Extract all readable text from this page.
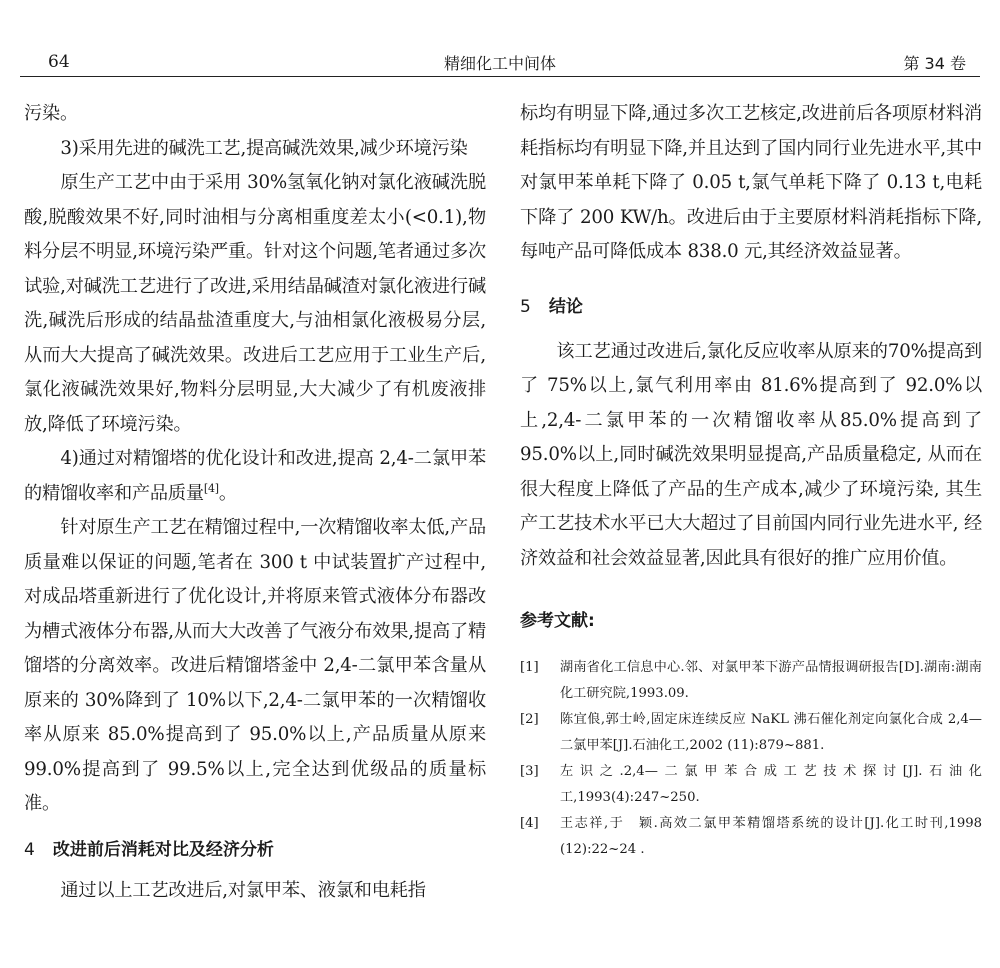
64	精细化工中间体	第 34 卷

污染。

3)采用先进的碱洗工艺,提高碱洗效果,减少环境污染

原生产工艺中由于采用 30%氢氧化钠对氯化液碱洗脱酸,脱酸效果不好,同时油相与分离相重度差太小(<0.1),物料分层不明显,环境污染严重。针对这个问题,笔者通过多次试验,对碱洗工艺进行了改进,采用结晶碱渣对氯化液进行碱洗,碱洗后形成的结晶盐渣重度大,与油相氯化液极易分层,从而大大提高了碱洗效果。改进后工艺应用于工业生产后,氯化液碱洗效果好,物料分层明显,大大减少了有机废液排放,降低了环境污染。

4)通过对精馏塔的优化设计和改进,提高 2,4-二氯甲苯的精馏收率和产品质量[4]。

针对原生产工艺在精馏过程中,一次精馏收率太低,产品质量难以保证的问题,笔者在 300 t 中试装置扩产过程中,对成品塔重新进行了优化设计,并将原来管式液体分布器改为槽式液体分布器,从而大大改善了气液分布效果,提高了精馏塔的分离效率。改进后精馏塔釜中 2,4-二氯甲苯含量从原来的 30%降到了 10%以下,2,4-二氯甲苯的一次精馏收率从原来 85.0%提高到了 95.0%以上,产品质量从原来 99.0%提高到了 99.5%以上,完全达到优级品的质量标准。

4 改进前后消耗对比及经济分析

通过以上工艺改进后,对氯甲苯、液氯和电耗指

标均有明显下降,通过多次工艺核定,改进前后各项原材料消耗指标均有明显下降,并且达到了国内同行业先进水平,其中对氯甲苯单耗下降了 0.05 t,氯气单耗下降了 0.13 t,电耗下降了 200 KW/h。改进后由于主要原材料消耗指标下降,每吨产品可降低成本 838.0 元,其经济效益显著。

5 结论

该工艺通过改进后,氯化反应收率从原来的70%提高到了 75%以上,氯气利用率由 81.6%提高到了 92.0%以上,2,4-二氯甲苯的一次精馏收率从85.0%提高到了 95.0%以上,同时碱洗效果明显提高,产品质量稳定, 从而在很大程度上降低了产品的生产成本,减少了环境污染, 其生产工艺技术水平已大大超过了目前国内同行业先进水平, 经济效益和社会效益显著,因此具有很好的推广应用价值。

参考文献:

[1] 湖南省化工信息中心.邻、对氯甲苯下游产品情报调研报告[D].湖南:湖南化工研究院,1993.09.

[2] 陈宜俍,郭士岭,固定床连续反应 NaKL 沸石催化剂定向氯化合成 2,4—二氯甲苯[J].石油化工,2002 (11):879~881.

[3] 左识之.2,4—二氯甲苯合成工艺技术探讨[J].石油化工,1993(4):247~250.

[4] 王志祥,于　颖.高效二氯甲苯精馏塔系统的设计[J].化工时刊,1998 (12):22~24 .
